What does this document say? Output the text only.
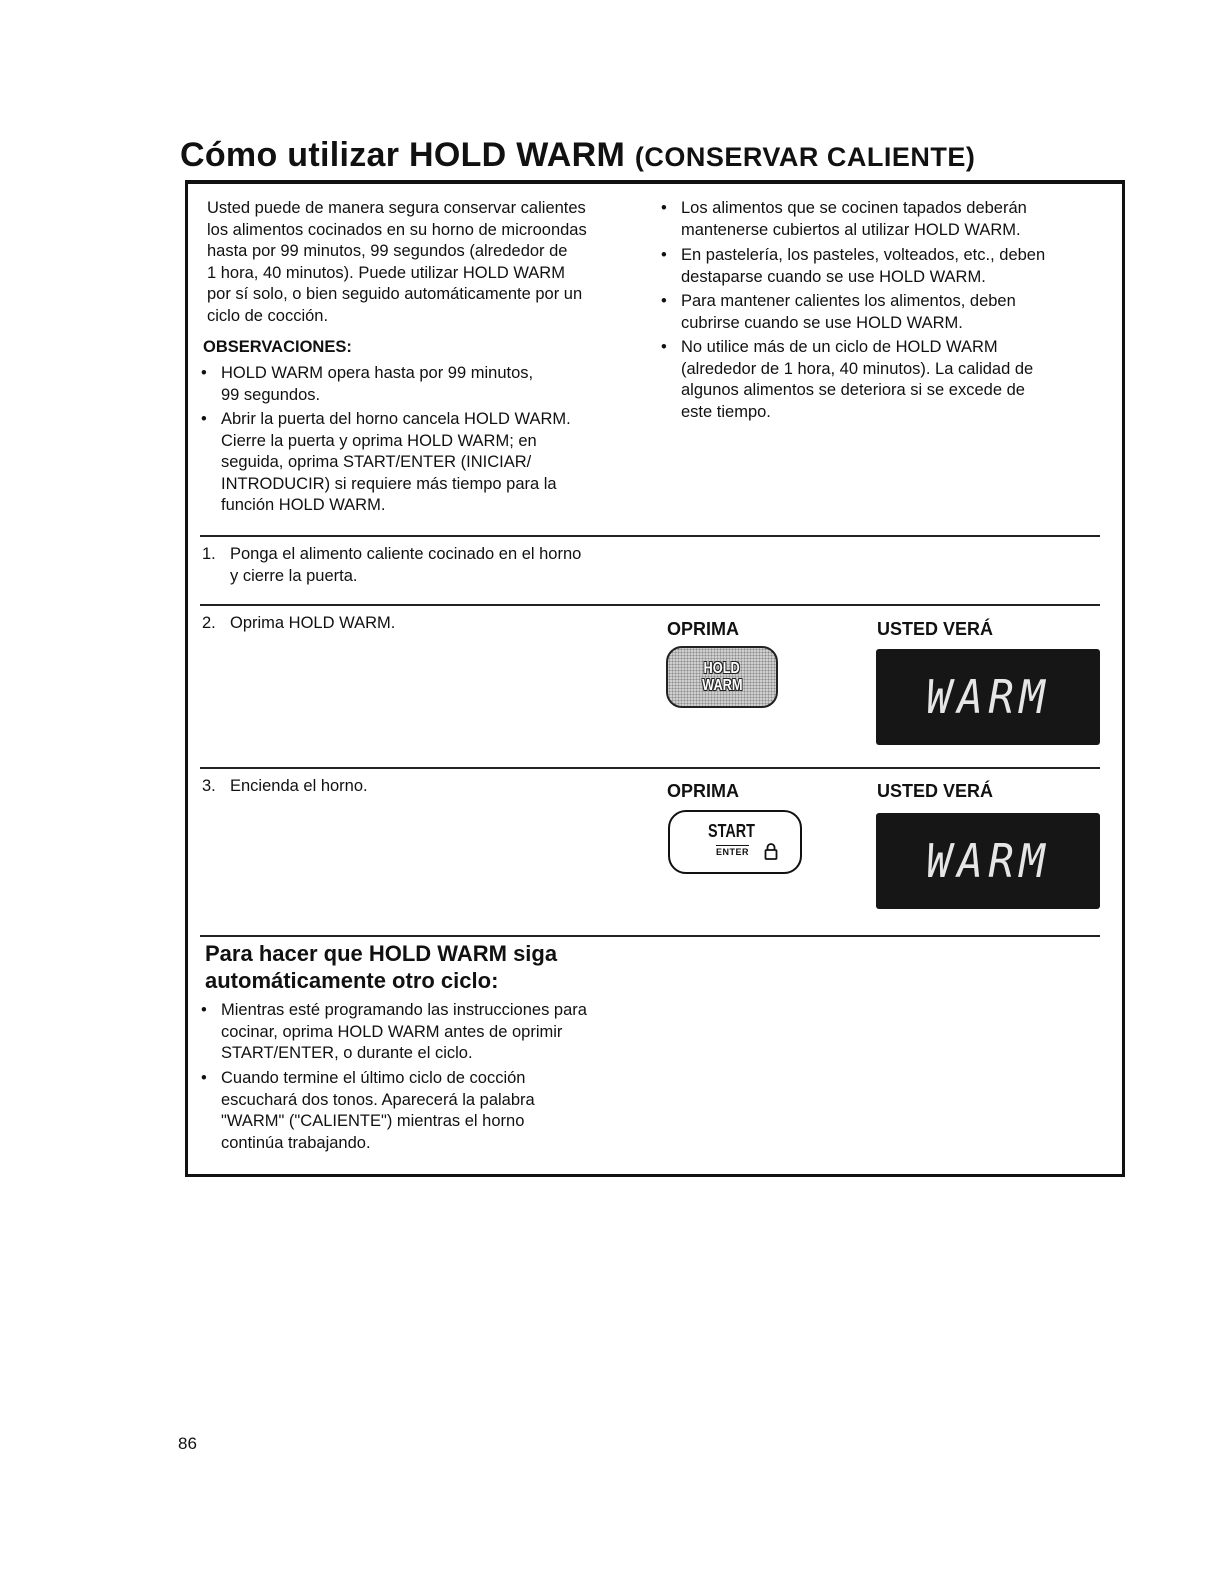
Cómo utilizar HOLD WARM (CONSERVAR CALIENTE)

Usted puede de manera segura conservar calientes
los alimentos cocinados en su horno de microondas
hasta por 99 minutos, 99 segundos (alrededor de
1 hora, 40 minutos). Puede utilizar HOLD WARM
por sí solo, o bien seguido automáticamente por un
ciclo de cocción.

OBSERVACIONES:

• HOLD WARM opera hasta por 99 minutos,
99 segundos.

• Abrir la puerta del horno cancela HOLD WARM.
Cierre la puerta y oprima HOLD WARM; en
seguida, oprima START/ENTER (INICIAR/
INTRODUCIR) si requiere más tiempo para la
función HOLD WARM.

• Los alimentos que se cocinen tapados deberán
mantenerse cubiertos al utilizar HOLD WARM.

• En pastelería, los pasteles, volteados, etc., deben
destaparse cuando se use HOLD WARM.

• Para mantener calientes los alimentos, deben
cubrirse cuando se use HOLD WARM.

• No utilice más de un ciclo de HOLD WARM
(alrededor de 1 hora, 40 minutos). La calidad de
algunos alimentos se deteriora si se excede de
este tiempo.

1. Ponga el alimento caliente cocinado en el horno
y cierre la puerta.

2. Oprima HOLD WARM.	OPRIMA	USTED VERÁ
HOLD
WARM	WARM

3. Encienda el horno.	OPRIMA	USTED VERÁ
START
ENTER	WARM
Para hacer que HOLD WARM siga
automáticamente otro ciclo:

• Mientras esté programando las instrucciones para
cocinar, oprima HOLD WARM antes de oprimir
START/ENTER, o durante el ciclo.

• Cuando termine el último ciclo de cocción
escuchará dos tonos. Aparecerá la palabra
"WARM" ("CALIENTE") mientras el horno
continúa trabajando.

86
